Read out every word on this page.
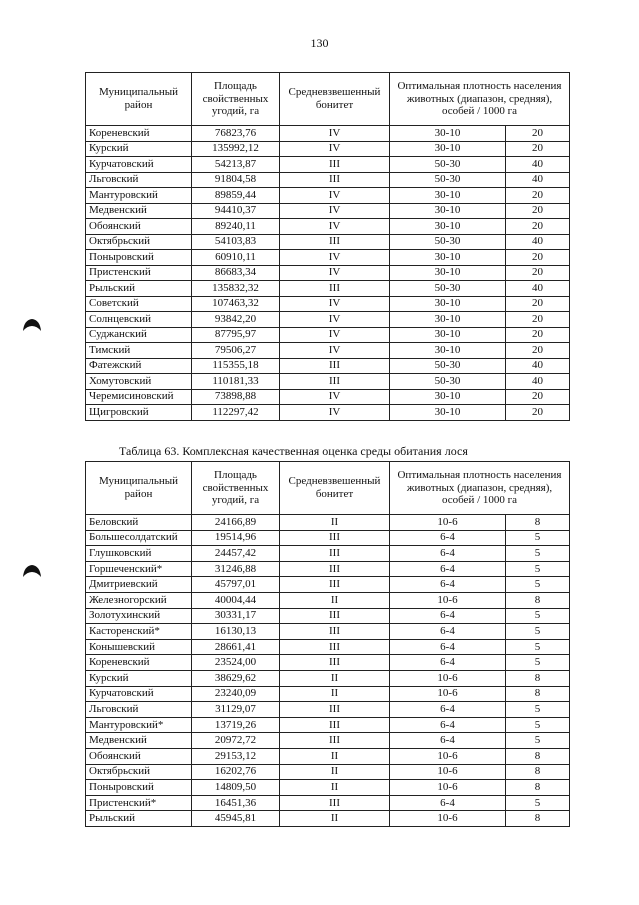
130
Муниципальный район	Площадь свойственных угодий, га	Средневзвешенный бонитет	Оптимальная плотность населения животных (диапазон, средняя), особей / 1000 га	
Кореневский	76823,76	IV	30-10	20
Курский	135992,12	IV	30-10	20
Курчатовский	54213,87	III	50-30	40
Льговский	91804,58	III	50-30	40
Мантуровский	89859,44	IV	30-10	20
Медвенский	94410,37	IV	30-10	20
Обоянский	89240,11	IV	30-10	20
Октябрьский	54103,83	III	50-30	40
Поныровский	60910,11	IV	30-10	20
Пристенский	86683,34	IV	30-10	20
Рыльский	135832,32	III	50-30	40
Советский	107463,32	IV	30-10	20
Солнцевский	93842,20	IV	30-10	20
Суджанский	87795,97	IV	30-10	20
Тимский	79506,27	IV	30-10	20
Фатежский	115355,18	III	50-30	40
Хомутовский	110181,33	III	50-30	40
Черемисиновский	73898,88	IV	30-10	20
Щигровский	112297,42	IV	30-10	20
Таблица 63. Комплексная качественная оценка среды обитания лося
Муниципальный район	Площадь свойственных угодий, га	Средневзвешенный бонитет	Оптимальная плотность населения животных (диапазон, средняя), особей / 1000 га	
Беловский	24166,89	II	10-6	8
Большесолдатский	19514,96	III	6-4	5
Глушковский	24457,42	III	6-4	5
Горшеченский*	31246,88	III	6-4	5
Дмитриевский	45797,01	III	6-4	5
Железногорский	40004,44	II	10-6	8
Золотухинский	30331,17	III	6-4	5
Касторенский*	16130,13	III	6-4	5
Конышевский	28661,41	III	6-4	5
Кореневский	23524,00	III	6-4	5
Курский	38629,62	II	10-6	8
Курчатовский	23240,09	II	10-6	8
Льговский	31129,07	III	6-4	5
Мантуровский*	13719,26	III	6-4	5
Медвенский	20972,72	III	6-4	5
Обоянский	29153,12	II	10-6	8
Октябрьский	16202,76	II	10-6	8
Поныровский	14809,50	II	10-6	8
Пристенский*	16451,36	III	6-4	5
Рыльский	45945,81	II	10-6	8
